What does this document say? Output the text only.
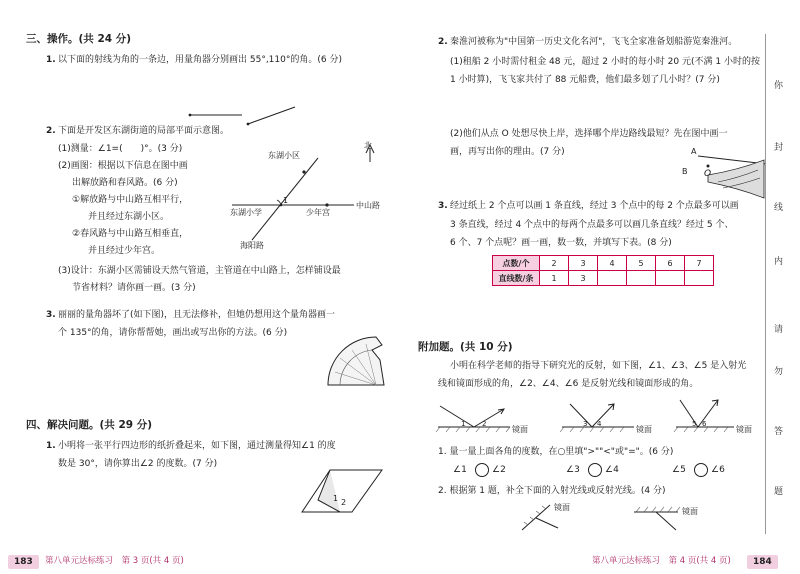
三、操作。(共 24 分)
1. 以下面的射线为角的一条边，用量角器分别画出 55°,110°的角。(6 分)
2. 下面是开发区东湖街道的局部平面示意图。
(1)测量：∠1=(　　)°。(3 分)
(2)画图：根据以下信息在图中画
出解放路和春风路。(6 分)
①解放路与中山路互相平行，
并且经过东湖小区。
②春风路与中山路互相垂直，
并且经过少年宫。
(3)设计：东湖小区需铺设天然气管道，主管道在中山路上，怎样铺设最
节省材料？请你画一画。(3 分)
东湖小区
北
东湖小学
1
少年宫
中山路
海阳路
3. 丽丽的量角器坏了(如下图)，且无法修补，但她仍想用这个量角器画一
个 135°的角，请你帮帮她，画出或写出你的方法。(6 分)
四、解决问题。(共 29 分)
1. 小明将一张平行四边形的纸折叠起来，如下图，通过测量得知∠1 的度
数是 30°，请你算出∠2 的度数。(7 分)
1 2
183	第八单元达标练习　第 3 页(共 4 页)
2. 秦淮河被称为"中国第一历史文化名河"，飞飞全家准备划船游览秦淮河。
(1)租船 2 小时需付租金 48 元，超过 2 小时的每小时 20 元(不满 1 小时的按
1 小时算)，飞飞家共付了 88 元船费，他们最多划了几小时？(7 分)
(2)他们从点 O 处想尽快上岸，选择哪个岸边路线最短？先在图中画一
画，再写出你的理由。(7 分)	A
B O
3. 经过纸上 2 个点可以画 1 条直线，经过 3 个点中的每 2 个点最多可以画
3 条直线，经过 4 个点中的每两个点最多可以画几条直线？经过 5 个、
6 个、7 个点呢？画一画，数一数，并填写下表。(8 分)
点数/个	2	3	4	5	6	7
直线数/条	1	3				
附加题。(共 10 分)
小明在科学老师的指导下研究光的反射，如下图，∠1、∠3、∠5 是入射光
线和镜面形成的角，∠2、∠4、∠6 是反射光线和镜面形成的角。
1 2	3 4	5 6
镜面	镜面	镜面
1. 量一量上面各角的度数，在○里填">""<"或"="。(6 分)
∠1	∠2	∠3	∠4	∠5	∠6
2. 根据第 1 题，补全下面的入射光线或反射光线。(4 分)
镜面	镜面
第八单元达标练习　第 4 页(共 4 页)	184
你
封
线
内
请
勿
答
题
